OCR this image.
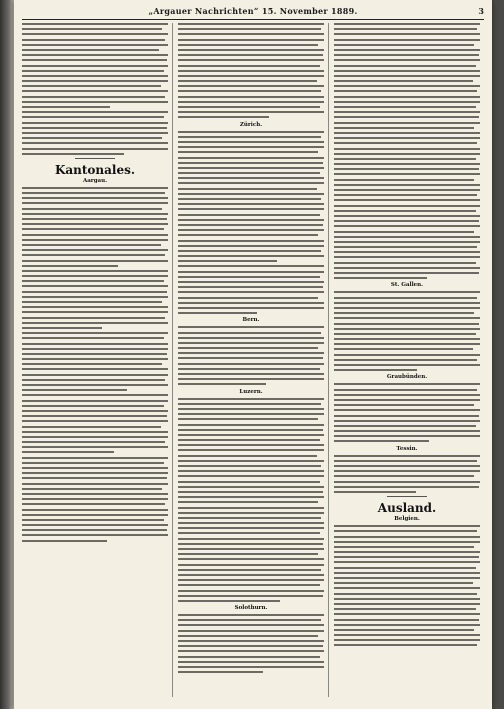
„Argauer Nachrichten“ 15. November 1889.	3
Kantonales.
Aargau.
Zürich.
Bern.
Luzern.
Solothurn.
St. Gallen.
Graubünden.
Tessin.
Ausland.
Belgien.
